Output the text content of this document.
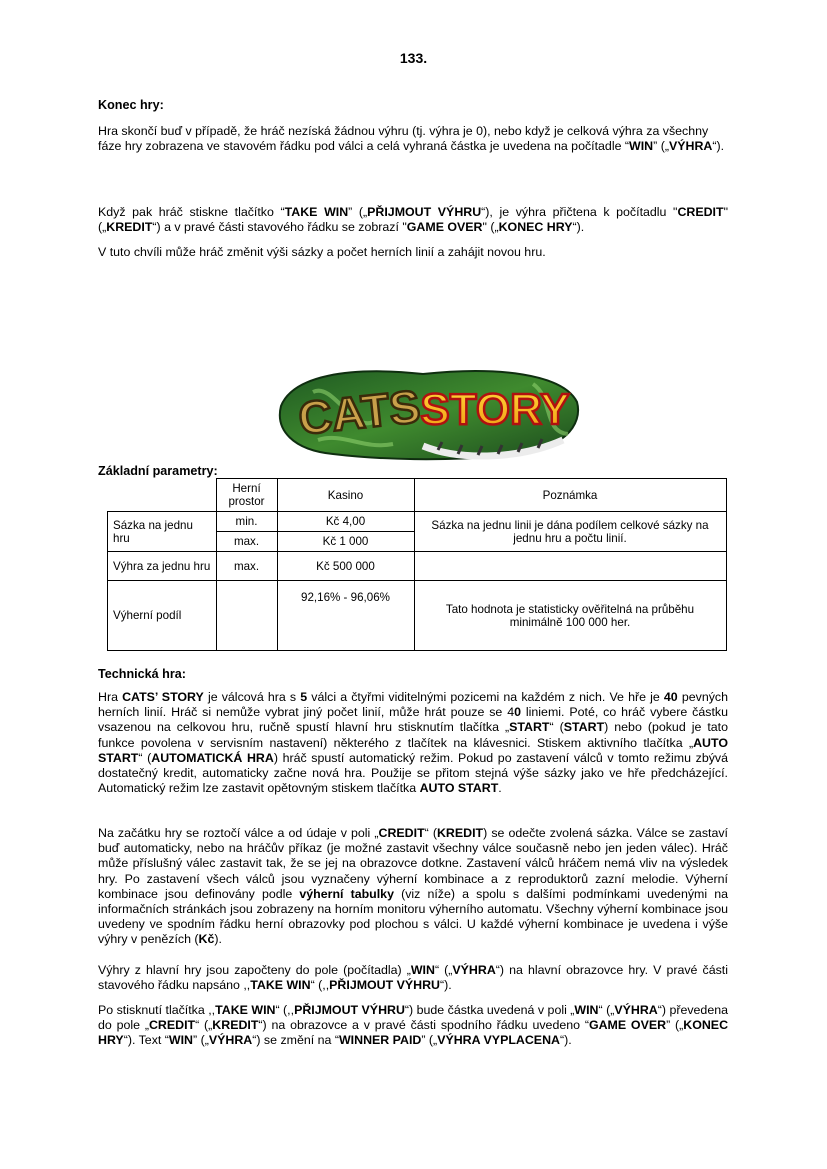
133.
Konec hry:
Hra skončí buď v případě, že hráč nezíská žádnou výhru (tj. výhra je 0), nebo když je celková výhra za všechny fáze hry zobrazena ve stavovém řádku pod válci a celá vyhraná částka je uvedena na počítadle “WIN” („VÝHRA“).
Když pak hráč stiskne tlačítko “TAKE WIN” („PŘIJMOUT VÝHRU“), je výhra přičtena k počítadlu "CREDIT" („KREDIT“) a v pravé části stavového řádku se zobrazí "GAME OVER" („KONEC HRY“).
V tuto chvíli může hráč změnit výši sázky a počet herních linií a zahájit novou hru.
CATS
STORY
Základní parametry:
	Herní prostor	Kasino	Poznámka
Sázka na jednu hru	min.	Kč 4,00	Sázka na jednu linii je dána podílem celkové sázky na jednu hru a počtu linií.
	max.	Kč 1 000	
Výhra za jednu hru	max.	Kč 500 000	
Výherní podíl		92,16% - 96,06%	Tato hodnota je statisticky ověřitelná na průběhu minimálně 100 000 her.
Technická hra:
Hra CATS’ STORY je válcová hra s 5 válci a čtyřmi viditelnými pozicemi na každém z nich. Ve hře je 40 pevných herních linií. Hráč si nemůže vybrat jiný počet linií, může hrát pouze se 40 liniemi. Poté, co hráč vybere částku vsazenou na celkovou hru, ručně spustí hlavní hru stisknutím tlačítka „START“ (START) nebo (pokud je tato funkce povolena v servisním nastavení) některého z tlačítek na klávesnici. Stiskem aktivního tlačítka „AUTO START“ (AUTOMATICKÁ HRA) hráč spustí automatický režim. Pokud po zastavení válců v tomto režimu zbývá dostatečný kredit, automaticky začne nová hra. Použije se přitom stejná výše sázky jako ve hře předcházející. Automatický režim lze zastavit opětovným stiskem tlačítka AUTO START.
Na začátku hry se roztočí válce a od údaje v poli „CREDIT“ (KREDIT) se odečte zvolená sázka. Válce se zastaví buď automaticky, nebo na hráčův příkaz (je možné zastavit všechny válce současně nebo jen jeden válec). Hráč může příslušný válec zastavit tak, že se jej na obrazovce dotkne. Zastavení válců hráčem nemá vliv na výsledek hry. Po zastavení všech válců jsou vyznačeny výherní kombinace a z reproduktorů zazní melodie. Výherní kombinace jsou definovány podle výherní tabulky (viz níže) a spolu s dalšími podmínkami uvedenými na informačních stránkách jsou zobrazeny na horním monitoru výherního automatu. Všechny výherní kombinace jsou uvedeny ve spodním řádku herní obrazovky pod plochou s válci. U každé výherní kombinace je uvedena i výše výhry v penězích (Kč).
Výhry z hlavní hry jsou započteny do pole (počítadla) „WIN“ („VÝHRA“) na hlavní obrazovce hry. V pravé části stavového řádku napsáno ,,TAKE WIN“ (,,PŘIJMOUT VÝHRU“).
Po stisknutí tlačítka ,,TAKE WIN“ (,,PŘIJMOUT VÝHRU“) bude částka uvedená v poli „WIN“ („VÝHRA“) převedena do pole „CREDIT“ („KREDIT“) na obrazovce a v pravé části spodního řádku uvedeno “GAME OVER” („KONEC HRY“). Text “WIN” („VÝHRA“) se změní na “WINNER PAID” („VÝHRA VYPLACENA“).
